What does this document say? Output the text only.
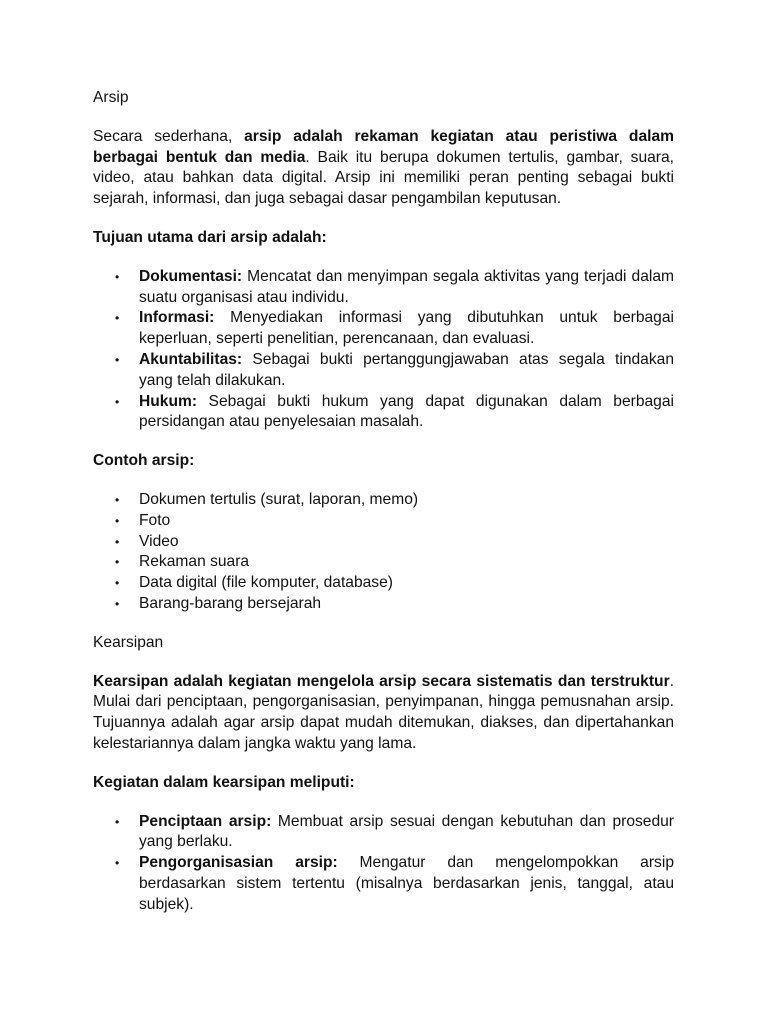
Arsip

Secara sederhana, arsip adalah rekaman kegiatan atau peristiwa dalam berbagai bentuk dan media. Baik itu berupa dokumen tertulis, gambar, suara, video, atau bahkan data digital. Arsip ini memiliki peran penting sebagai bukti sejarah, informasi, dan juga sebagai dasar pengambilan keputusan.

Tujuan utama dari arsip adalah:

• Dokumentasi: Mencatat dan menyimpan segala aktivitas yang terjadi dalam suatu organisasi atau individu.
• Informasi: Menyediakan informasi yang dibutuhkan untuk berbagai keperluan, seperti penelitian, perencanaan, dan evaluasi.
• Akuntabilitas: Sebagai bukti pertanggungjawaban atas segala tindakan yang telah dilakukan.
• Hukum: Sebagai bukti hukum yang dapat digunakan dalam berbagai persidangan atau penyelesaian masalah.

Contoh arsip:

• Dokumen tertulis (surat, laporan, memo)
• Foto
• Video
• Rekaman suara
• Data digital (file komputer, database)
• Barang-barang bersejarah

Kearsipan

Kearsipan adalah kegiatan mengelola arsip secara sistematis dan terstruktur. Mulai dari penciptaan, pengorganisasian, penyimpanan, hingga pemusnahan arsip. Tujuannya adalah agar arsip dapat mudah ditemukan, diakses, dan dipertahankan kelestariannya dalam jangka waktu yang lama.

Kegiatan dalam kearsipan meliputi:

• Penciptaan arsip: Membuat arsip sesuai dengan kebutuhan dan prosedur yang berlaku.
• Pengorganisasian arsip: Mengatur dan mengelompokkan arsip berdasarkan sistem tertentu (misalnya berdasarkan jenis, tanggal, atau subjek).
